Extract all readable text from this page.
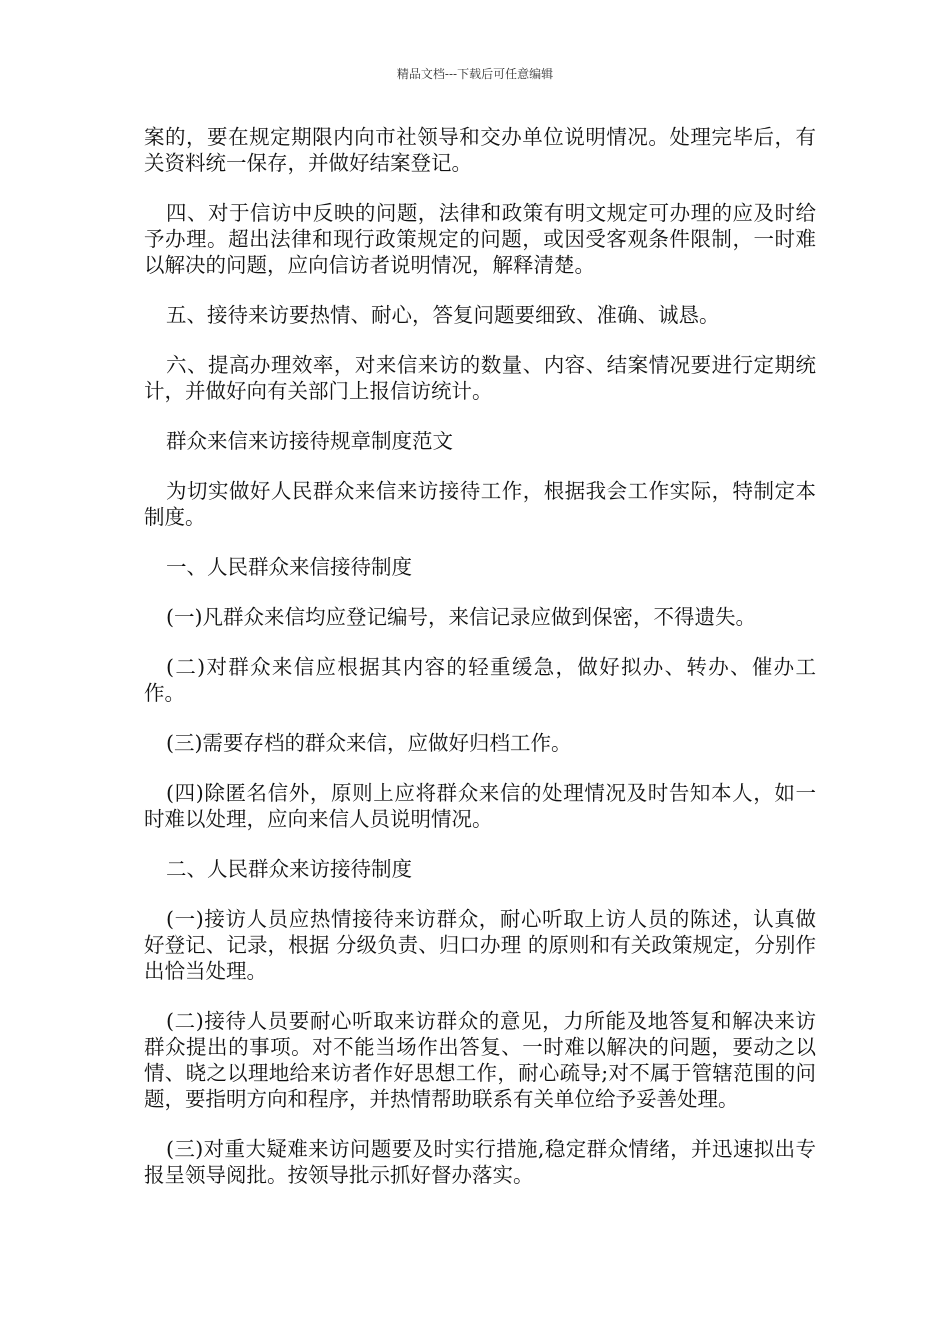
精品文档---下载后可任意编辑

案的，要在规定期限内向市社领导和交办单位说明情况。处理完毕后，有关资料统一保存，并做好结案登记。

四、对于信访中反映的问题，法律和政策有明文规定可办理的应及时给予办理。超出法律和现行政策规定的问题，或因受客观条件限制，一时难以解决的问题，应向信访者说明情况，解释清楚。

五、接待来访要热情、耐心，答复问题要细致、准确、诚恳。

六、提高办理效率，对来信来访的数量、内容、结案情况要进行定期统计，并做好向有关部门上报信访统计。

群众来信来访接待规章制度范文

为切实做好人民群众来信来访接待工作，根据我会工作实际，特制定本制度。

一、人民群众来信接待制度

(一)凡群众来信均应登记编号，来信记录应做到保密，不得遗失。

(二)对群众来信应根据其内容的轻重缓急，做好拟办、转办、催办工作。

(三)需要存档的群众来信，应做好归档工作。

(四)除匿名信外，原则上应将群众来信的处理情况及时告知本人，如一时难以处理，应向来信人员说明情况。

二、人民群众来访接待制度

(一)接访人员应热情接待来访群众，耐心听取上访人员的陈述，认真做好登记、记录，根据 分级负责、归口办理 的原则和有关政策规定，分别作出恰当处理。

(二)接待人员要耐心听取来访群众的意见，力所能及地答复和解决来访群众提出的事项。对不能当场作出答复、一时难以解决的问题，要动之以情、晓之以理地给来访者作好思想工作，耐心疏导;对不属于管辖范围的问题，要指明方向和程序，并热情帮助联系有关单位给予妥善处理。

(三)对重大疑难来访问题要及时实行措施,稳定群众情绪，并迅速拟出专报呈领导阅批。按领导批示抓好督办落实。
